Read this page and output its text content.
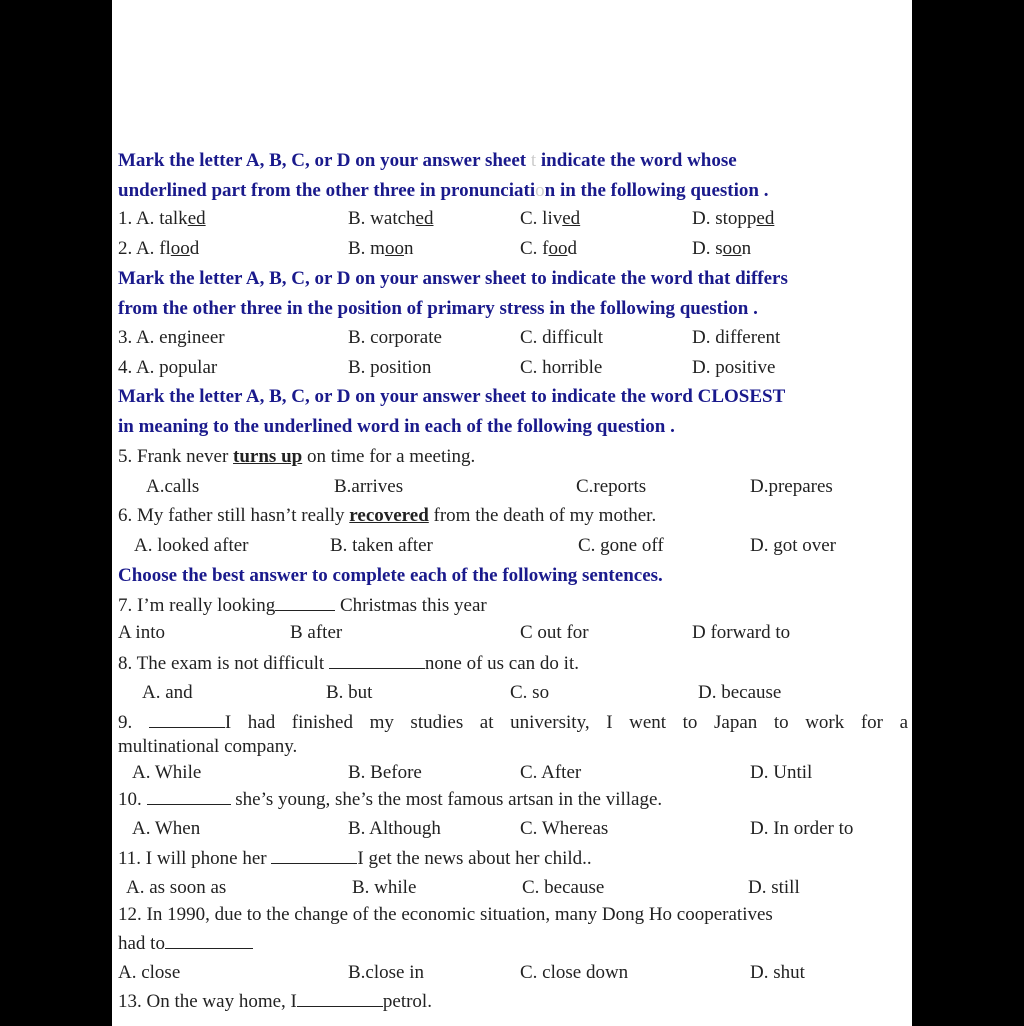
Mark the letter A, B, C, or D on your answer sheet t indicate the word whose
underlined part from the other three in pronunciation in the following question .
1. A. talked	B. watched	C. lived	D. stopped
2. A. flood	B. moon	C. food	D. soon
Mark the letter A, B, C, or D on your answer sheet to indicate the word that differs
from the other three in the position of primary stress in the following question .
3. A. engineer	B. corporate	C. difficult	D. different
4. A. popular	B. position	C. horrible	D. positive
Mark the letter A, B, C, or D on your answer sheet to indicate the word CLOSEST
in meaning to the underlined word in each of the following question .
5. Frank never turns up on time for a meeting.
A.calls	B.arrives	C.reports	D.prepares
6. My father still hasn’t really recovered from the death of my mother.
A. looked after	B. taken after	C. gone off	D. got over
Choose the best answer to complete each of the following sentences.
7. I’m really looking	Christmas this year
A into	B after	C out for	D forward to
8. The exam is not difficult	none of us can do it.
A. and	B. but	C. so	D. because
9.	I had finished my studies at university, I went to Japan to work for a
multinational company.
A. While	B. Before	C. After	D. Until
10.	she’s young, she’s the most famous artsan in the village.
A. When	B. Although	C. Whereas	D. In order to
11. I will phone her	I get the news about her child..
A. as soon as	B. while	C. because	D. still
12. In 1990, due to the change of the economic situation, many Dong Ho cooperatives
had to
A. close	B.close in	C. close down	D. shut
13. On the way home, I	petrol.
